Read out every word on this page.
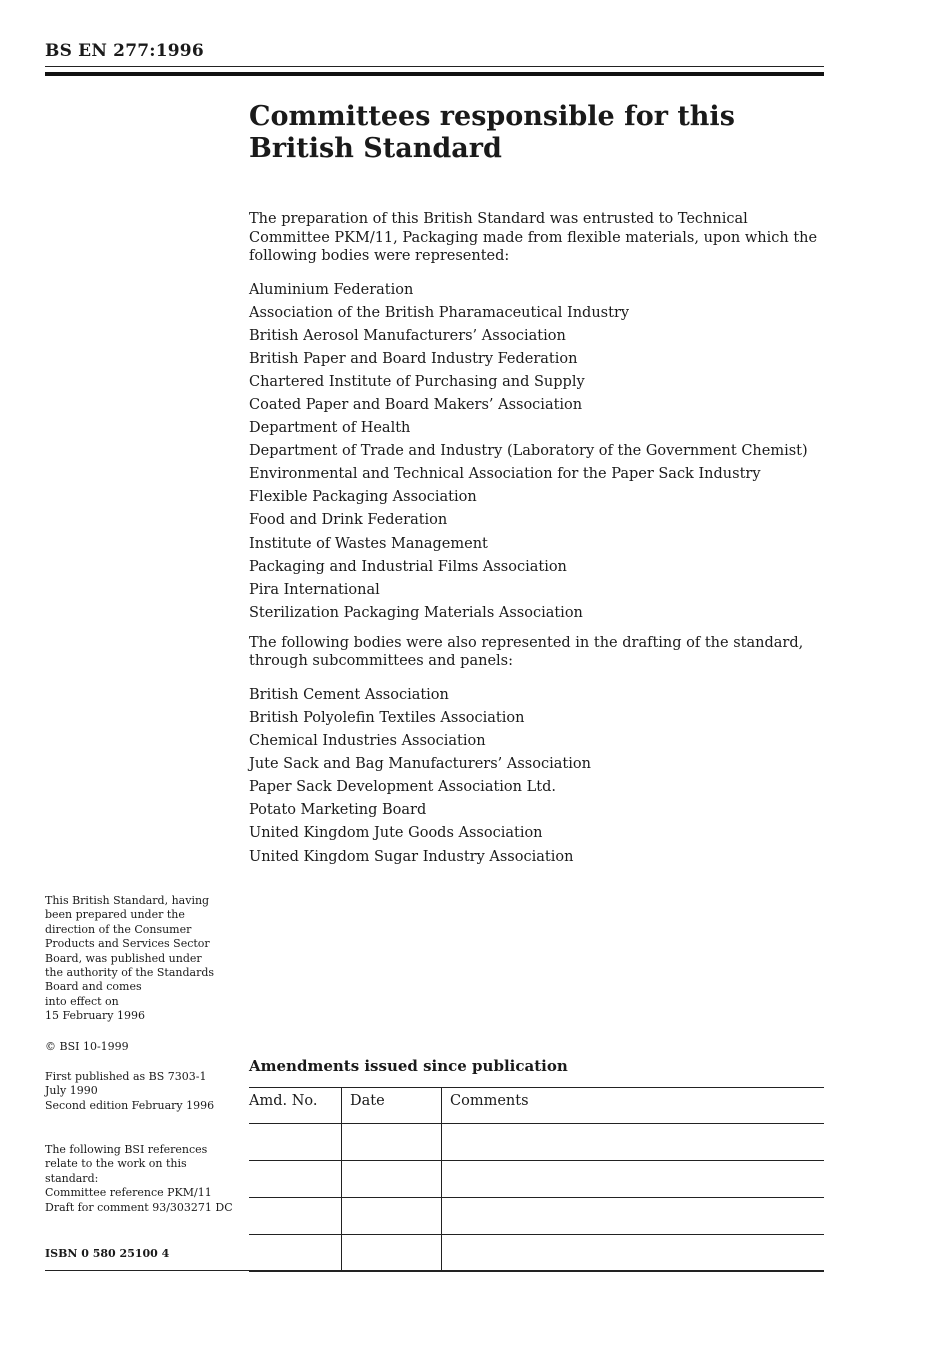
BS EN 277:1996
Committees responsible for this
British Standard

The preparation of this British Standard was entrusted to Technical Committee PKM/11, Packaging made from flexible materials, upon which the following bodies were represented:

Aluminium Federation
Association of the British Pharamaceutical Industry
British Aerosol Manufacturers’ Association
British Paper and Board Industry Federation
Chartered Institute of Purchasing and Supply
Coated Paper and Board Makers’ Association
Department of Health
Department of Trade and Industry (Laboratory of the Government Chemist)
Environmental and Technical Association for the Paper Sack Industry
Flexible Packaging Association
Food and Drink Federation
Institute of Wastes Management
Packaging and Industrial Films Association
Pira International
Sterilization Packaging Materials Association

The following bodies were also represented in the drafting of the standard, through subcommittees and panels:

British Cement Association
British Polyolefin Textiles Association
Chemical Industries Association
Jute Sack and Bag Manufacturers’ Association
Paper Sack Development Association Ltd.
Potato Marketing Board
United Kingdom Jute Goods Association
United Kingdom Sugar Industry Association

This British Standard, having

been prepared under the

direction of the Consumer

Products and Services Sector

Board, was published under

the authority of the Standards

Board and comes

into effect on

15 February 1996

© BSI 10-1999

First published as BS 7303-1

July 1990

Second edition February 1996

The following BSI references

relate to the work on this

standard:

Committee reference PKM/11

Draft for comment 93/303271 DC

ISBN 0 580 25100 4
Amendments issued since publication
Amd. No.	Date	Comments
